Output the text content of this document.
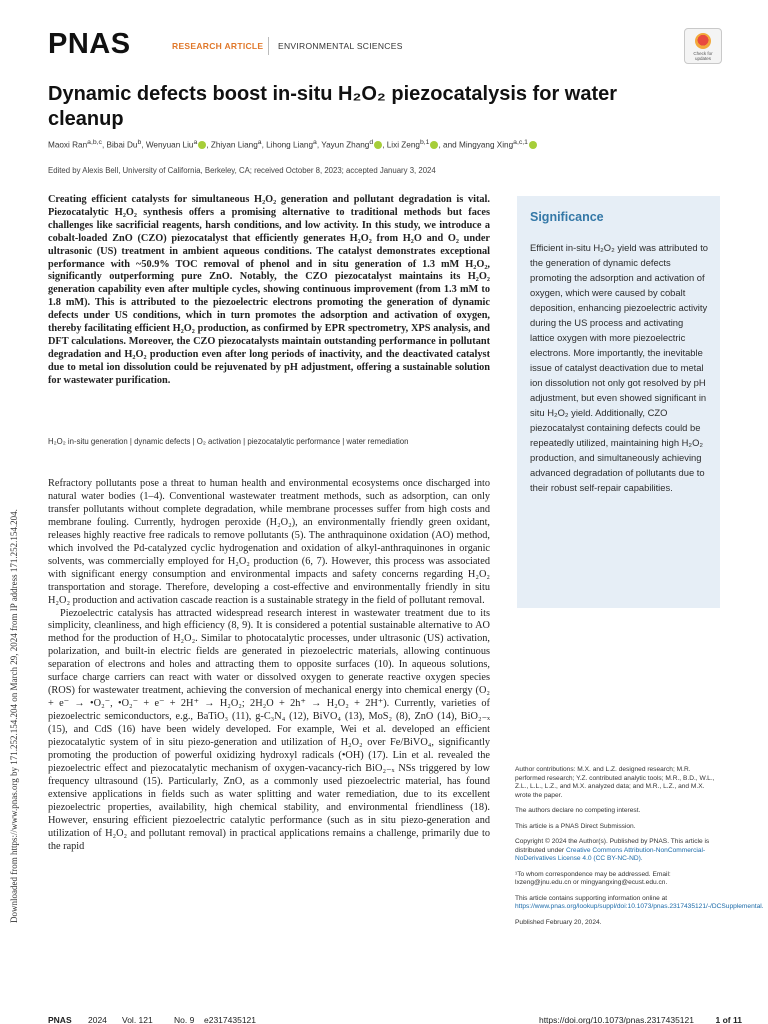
PNAS	RESEARCH ARTICLE ENVIRONMENTAL SCIENCES
Check for updates
Dynamic defects boost in-situ H₂O₂ piezocatalysis for water cleanup
Maoxi Ran$^{a,b,c}$, Bibai Du$^b$, Wenyuan Liu$^a$ , Zhiyan Liang$^a$, Lihong Liang$^a$, Yayun Zhang$^d$ , Lixi Zeng$^{b,1}$ , and Mingyang Xing$^{a,c,1}$
Edited by Alexis Bell, University of California, Berkeley, CA; received October 8, 2023; accepted January 3, 2024

Creating efficient catalysts for simultaneous H₂O₂ generation and pollutant degradation is vital. Piezocatalytic H₂O₂ synthesis offers a promising alternative to traditional methods but faces challenges like sacrificial reagents, harsh conditions, and low activity. In this study, we introduce a cobalt-loaded ZnO (CZO) piezocatalyst that efficiently generates H₂O₂ from H₂O and O₂ under ultrasonic (US) treatment in ambient aqueous conditions. The catalyst demonstrates exceptional performance with ~50.9% TOC removal of phenol and in situ generation of 1.3 mM H₂O₂, significantly outperforming pure ZnO. Notably, the CZO piezocatalyst maintains its H₂O₂ generation capability even after multiple cycles, showing continuous improvement (from 1.3 mM to 1.8 mM). This is attributed to the piezoelectric electrons promoting the generation of dynamic defects under US conditions, which in turn promotes the adsorption and activation of oxygen, thereby facilitating efficient H₂O₂ production, as confirmed by EPR spectrometry, XPS analysis, and DFT calculations. Moreover, the CZO piezocatalysts maintain outstanding performance in pollutant degradation and H₂O₂ production even after long periods of inactivity, and the deactivated catalyst due to metal ion dissolution could be rejuvenated by pH adjustment, offering a sustainable solution for wastewater purification.

H₂O₂ in-situ generation | dynamic defects | O₂ activation | piezocatalytic performance | water remediation
Significance

Efficient in-situ H₂O₂ yield was attributed to the generation of dynamic defects promoting the adsorption and activation of oxygen, which were caused by cobalt deposition, enhancing piezoelectric activity during the US process and activating lattice oxygen with more piezoelectric electrons. More importantly, the inevitable issue of catalyst deactivation due to metal ion dissolution not only got resolved by pH adjustment, but even showed significant in situ H₂O₂ yield. Additionally, CZO piezocatalyst containing defects could be repeatedly utilized, maintaining high H₂O₂ production, and simultaneously achieving advanced degradation of pollutants due to their robust self-repair capabilities.

Refractory pollutants pose a threat to human health and environmental ecosystems once discharged into natural water bodies (1–4). Conventional wastewater treatment methods, such as adsorption, can only transfer pollutants without complete degradation, while membrane processes suffer from high costs and membrane fouling. Currently, hydrogen peroxide (H₂O₂), an environmentally friendly green oxidant, releases highly reactive free radicals to remove pollutants (5). The anthraquinone oxidation (AO) method, which involved the Pd-catalyzed cyclic hydrogenation and oxidation of alkyl-anthraquinones in organic solvents, was commercially employed for H₂O₂ production (6, 7). However, this process was associated with significant energy consumption and environmental impacts and safety concerns regarding H₂O₂ transportation and storage. Therefore, developing a cost-effective and environmentally friendly in situ H₂O₂ production and activation cascade reaction is a sustainable strategy in the field of pollutant removal.

Piezoelectric catalysis has attracted widespread research interest in wastewater treatment due to its simplicity, cleanliness, and high efficiency (8, 9). It is considered a potential sustainable alternative to AO method for the production of H₂O₂. Similar to photocatalytic processes, under ultrasonic (US) activation, polarization, and built-in electric fields are generated in piezoelectric materials, allowing continuous separation of electrons and holes and attracting them to opposite surfaces (10). In aqueous solutions, surface charge carriers can react with water or dissolved oxygen to generate reactive oxygen species (ROS) for wastewater treatment, achieving the conversion of mechanical energy into chemical energy (O₂ + e⁻ → •O₂⁻, •O₂⁻ + e⁻ + 2H⁺ → H₂O₂; 2H₂O + 2h⁺ → H₂O₂ + 2H⁺). Currently, varieties of piezoelectric semiconductors, e.g., BaTiO₃ (11), g-C₃N₄ (12), BiVO₄ (13), MoS₂ (8), ZnO (14), BiO₂₋ₓ (15), and CdS (16) have been widely developed. For example, Wei et al. developed an efficient piezocatalytic system of in situ piezo-generation and utilization of H₂O₂ over Fe/BiVO₄, significantly promoting the production of powerful oxidizing hydroxyl radicals (•OH) (17). Lin et al. revealed the piezoelectric effect and piezocatalytic mechanism of oxygen-vacancy-rich BiO₂₋ₓ NSs triggered by low frequency ultrasound (15). Particularly, ZnO, as a commonly used piezoelectric material, has found extensive applications in fields such as water splitting and water remediation, due to its excellent piezoelectric properties, availability, high chemical stability, and environmental friendliness (18). However, ensuring efficient piezoelectric catalytic performance (such as in situ piezo-generation and utilization of H₂O₂ and pollutant removal) in practical applications remains a challenge, primarily due to the rapid

Author contributions: M.X. and L.Z. designed research; M.R. performed research; Y.Z. contributed analytic tools; M.R., B.D., W.L., Z.L., L.L., L.Z., and M.X. analyzed data; and M.R., L.Z., and M.X. wrote the paper.

The authors declare no competing interest.

This article is a PNAS Direct Submission.

Copyright © 2024 the Author(s). Published by PNAS. This article is distributed under Creative Commons Attribution-NonCommercial-NoDerivatives License 4.0 (CC BY-NC-ND).

¹To whom correspondence may be addressed. Email: lxzeng@jnu.edu.cn or mingyangxing@ecust.edu.cn.

This article contains supporting information online at https://www.pnas.org/lookup/suppl/doi:10.1073/pnas.2317435121/-/DCSupplemental.

Published February 20, 2024.

Downloaded from https://www.pnas.org by 171.252.154.204 on March 29, 2024 from IP address 171.252.154.204.
PNAS 2024 Vol. 121	No. 9 e2317435121	https://doi.org/10.1073/pnas.2317435121	1 of 11
